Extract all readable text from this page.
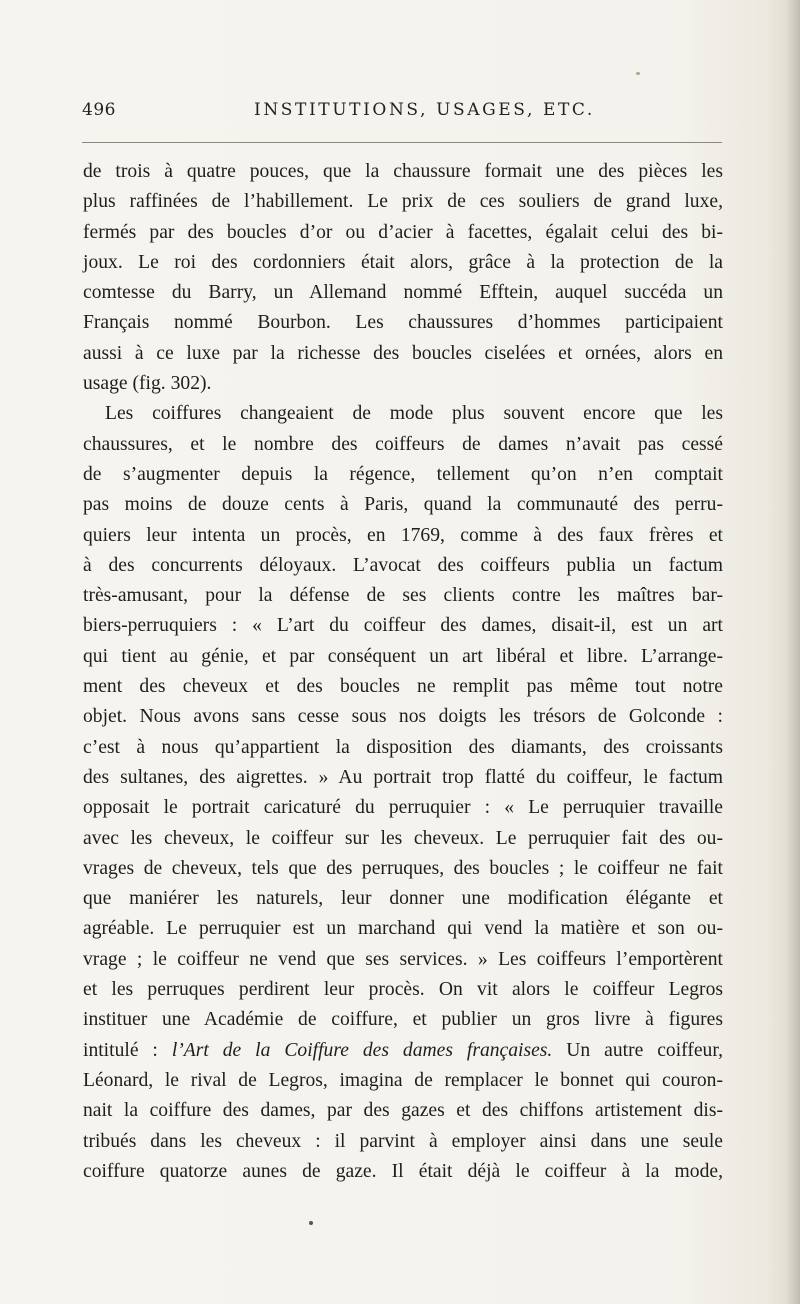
496	INSTITUTIONS, USAGES, ETC.
de trois à quatre pouces, que la chaussure formait une des pièces les
plus raffinées de l’habillement. Le prix de ces souliers de grand luxe,
fermés par des boucles d’or ou d’acier à facettes, égalait celui des bi-
joux. Le roi des cordonniers était alors, grâce à la protection de la
comtesse du Barry, un Allemand nommé Efftein, auquel succéda un
Français nommé Bourbon. Les chaussures d’hommes participaient
aussi à ce luxe par la richesse des boucles ciselées et ornées, alors en
usage (fig. 302).
Les coiffures changeaient de mode plus souvent encore que les
chaussures, et le nombre des coiffeurs de dames n’avait pas cessé
de s’augmenter depuis la régence, tellement qu’on n’en comptait
pas moins de douze cents à Paris, quand la communauté des perru-
quiers leur intenta un procès, en 1769, comme à des faux frères et
à des concurrents déloyaux. L’avocat des coiffeurs publia un factum
très-amusant, pour la défense de ses clients contre les maîtres bar-
biers-perruquiers : « L’art du coiffeur des dames, disait-il, est un art
qui tient au génie, et par conséquent un art libéral et libre. L’arrange-
ment des cheveux et des boucles ne remplit pas même tout notre
objet. Nous avons sans cesse sous nos doigts les trésors de Golconde :
c’est à nous qu’appartient la disposition des diamants, des croissants
des sultanes, des aigrettes. » Au portrait trop flatté du coiffeur, le factum
opposait le portrait caricaturé du perruquier : « Le perruquier travaille
avec les cheveux, le coiffeur sur les cheveux. Le perruquier fait des ou-
vrages de cheveux, tels que des perruques, des boucles ; le coiffeur ne fait
que maniérer les naturels, leur donner une modification élégante et
agréable. Le perruquier est un marchand qui vend la matière et son ou-
vrage ; le coiffeur ne vend que ses services. » Les coiffeurs l’emportèrent
et les perruques perdirent leur procès. On vit alors le coiffeur Legros
instituer une Académie de coiffure, et publier un gros livre à figures
intitulé : l’Art de la Coiffure des dames françaises. Un autre coiffeur,
Léonard, le rival de Legros, imagina de remplacer le bonnet qui couron-
nait la coiffure des dames, par des gazes et des chiffons artistement dis-
tribués dans les cheveux : il parvint à employer ainsi dans une seule
coiffure quatorze aunes de gaze. Il était déjà le coiffeur à la mode,
